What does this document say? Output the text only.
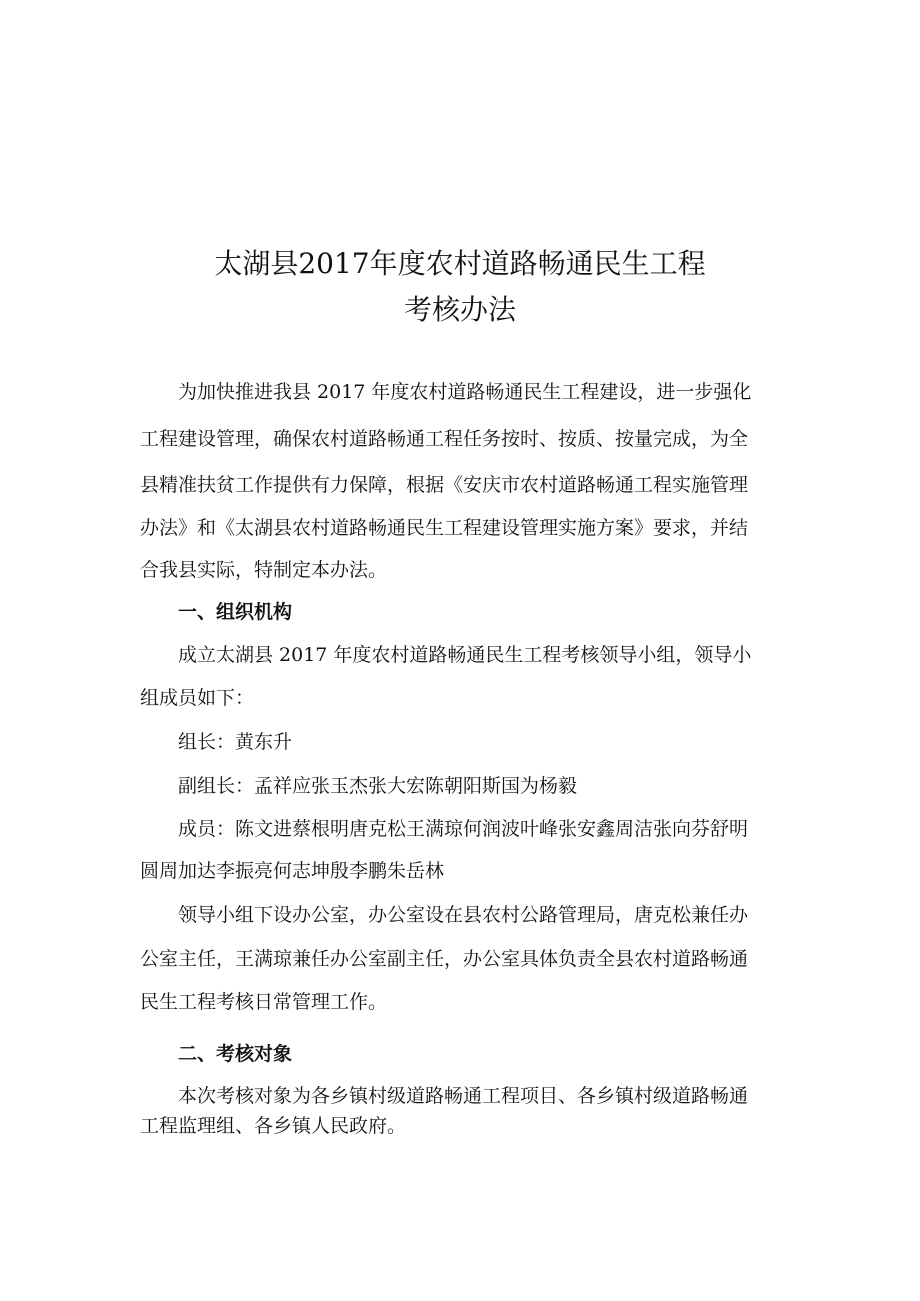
太湖县2017年度农村道路畅通民生工程
考核办法
为加快推进我县 2017 年度农村道路畅通民生工程建设，进一步强化
工程建设管理，确保农村道路畅通工程任务按时、按质、按量完成，为全
县精准扶贫工作提供有力保障，根据《安庆市农村道路畅通工程实施管理
办法》和《太湖县农村道路畅通民生工程建设管理实施方案》要求，并结
合我县实际，特制定本办法。
一、组织机构
成立太湖县 2017 年度农村道路畅通民生工程考核领导小组，领导小
组成员如下：
组长：黄东升
副组长：孟祥应张玉杰张大宏陈朝阳斯国为杨毅
成员：陈文进蔡根明唐克松王满琼何润波叶峰张安鑫周洁张向芬舒明
圆周加达李振亮何志坤殷李鹏朱岳林
领导小组下设办公室，办公室设在县农村公路管理局，唐克松兼任办
公室主任，王满琼兼任办公室副主任，办公室具体负责全县农村道路畅通
民生工程考核日常管理工作。
二、考核对象
本次考核对象为各乡镇村级道路畅通工程项目、各乡镇村级道路畅通
工程监理组、各乡镇人民政府。
